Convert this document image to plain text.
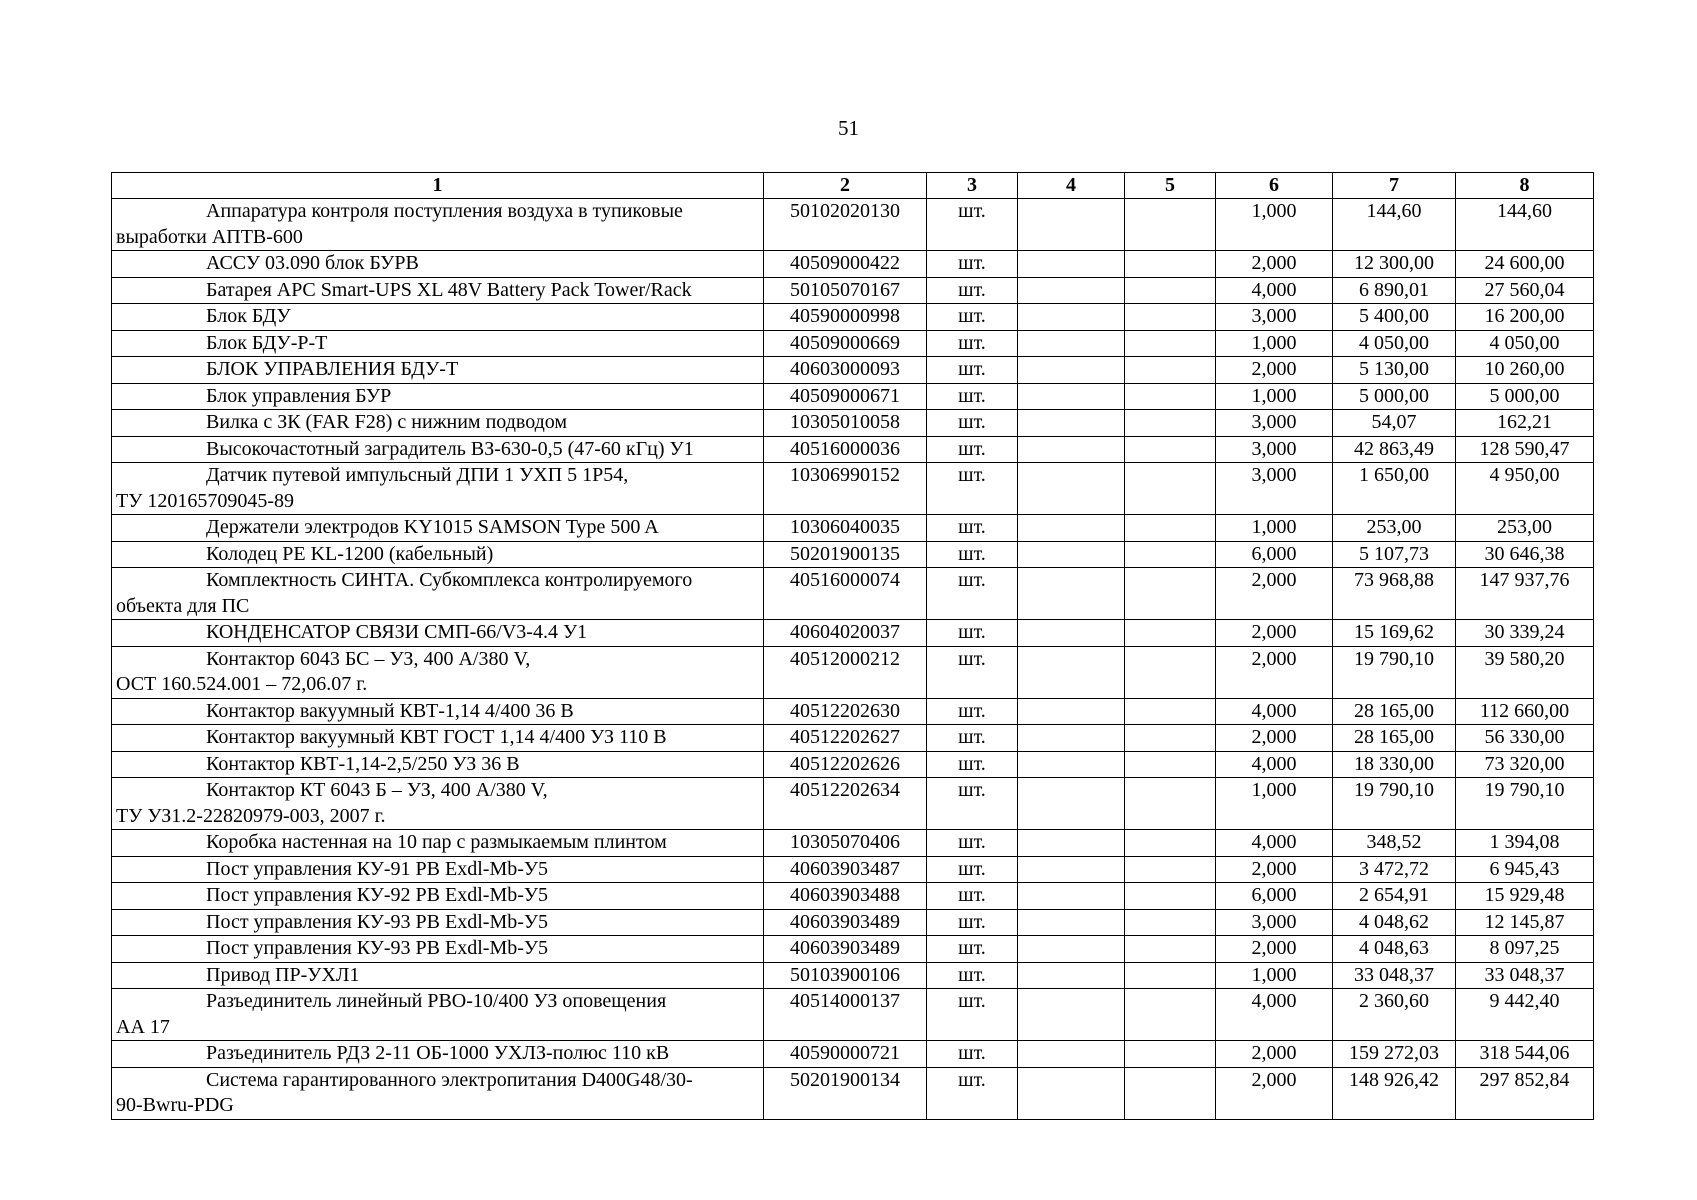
51
1	2	3	4	5	6	7	8

Аппаратура контроля поступления воздуха в тупиковые
выработки АПТВ-600	50102020130	шт.			1,000	144,60	144,60

АССУ 03.090 блок БУРВ	40509000422	шт.			2,000	12 300,00	24 600,00

Батарея APC Smart-UPS XL 48V Battery Pack Tower/Rack	50105070167	шт.			4,000	6 890,01	27 560,04

Блок БДУ	40590000998	шт.			3,000	5 400,00	16 200,00

Блок БДУ-Р-Т	40509000669	шт.			1,000	4 050,00	4 050,00

БЛОК УПРАВЛЕНИЯ БДУ-Т	40603000093	шт.			2,000	5 130,00	10 260,00

Блок управления БУР	40509000671	шт.			1,000	5 000,00	5 000,00

Вилка с ЗК (FAR F28) с нижним подводом	10305010058	шт.			3,000	54,07	162,21

Высокочастотный заградитель ВЗ-630-0,5 (47-60 кГц) У1	40516000036	шт.			3,000	42 863,49	128 590,47

Датчик путевой импульсный ДПИ 1 УХП 5 1Р54,
ТУ 120165709045-89	10306990152	шт.			3,000	1 650,00	4 950,00

Держатели электродов KY1015 SAMSON Type 500 A	10306040035	шт.			1,000	253,00	253,00

Колодец PE KL-1200 (кабельный)	50201900135	шт.			6,000	5 107,73	30 646,38

Комплектность СИНТА. Субкомплекса контролируемого
объекта для ПС	40516000074	шт.			2,000	73 968,88	147 937,76

КОНДЕНСАТОР СВЯЗИ СМП-66/V3-4.4 У1	40604020037	шт.			2,000	15 169,62	30 339,24

Контактор 6043 БС – УЗ, 400 А/380 V,
ОСТ 160.524.001 – 72,06.07 г.	40512000212	шт.			2,000	19 790,10	39 580,20

Контактор вакуумный КВТ-1,14 4/400 36 В	40512202630	шт.			4,000	28 165,00	112 660,00

Контактор вакуумный КВТ ГОСТ 1,14 4/400 УЗ 110 В	40512202627	шт.			2,000	28 165,00	56 330,00

Контактор КВТ-1,14-2,5/250 УЗ 36 В	40512202626	шт.			4,000	18 330,00	73 320,00

Контактор КТ 6043 Б – УЗ, 400 А/380 V,
ТУ УЗ1.2-22820979-003, 2007 г.	40512202634	шт.			1,000	19 790,10	19 790,10

Коробка настенная на 10 пар с размыкаемым плинтом	10305070406	шт.			4,000	348,52	1 394,08

Пост управления КУ-91 РВ Exdl-Mb-У5	40603903487	шт.			2,000	3 472,72	6 945,43

Пост управления КУ-92 РВ Exdl-Mb-У5	40603903488	шт.			6,000	2 654,91	15 929,48

Пост управления КУ-93 РВ Exdl-Mb-У5	40603903489	шт.			3,000	4 048,62	12 145,87

Пост управления КУ-93 РВ Exdl-Mb-У5	40603903489	шт.			2,000	4 048,63	8 097,25

Привод ПР-УХЛ1	50103900106	шт.			1,000	33 048,37	33 048,37

Разъединитель линейный РВО-10/400 УЗ оповещения
АА 17	40514000137	шт.			4,000	2 360,60	9 442,40

Разъединитель РДЗ 2-11 ОБ-1000 УХЛЗ-полюс 110 кВ	40590000721	шт.			2,000	159 272,03	318 544,06

Система гарантированного электропитания D400G48/30-
90-Bwru-PDG	50201900134	шт.			2,000	148 926,42	297 852,84
